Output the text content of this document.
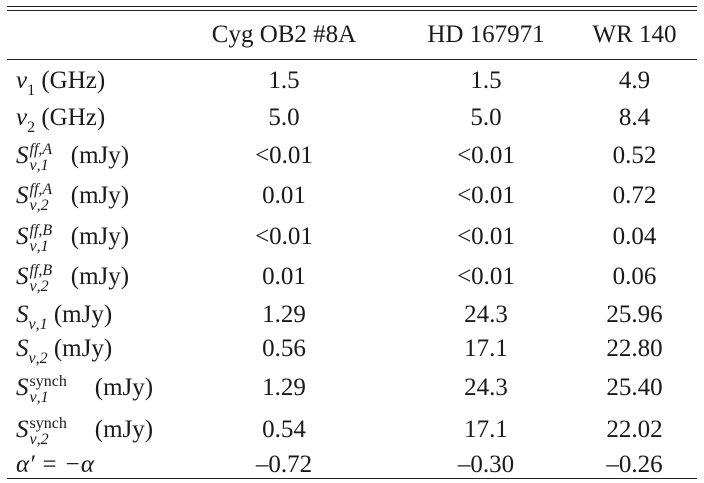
Cyg OB2 #8A	HD 167971	WR 140
$\nu_1$ (GHz)	1.5	1.5	4.9
$\nu_2$ (GHz)	5.0	5.0	8.4
S ff,A
ν,1 (mJy)	<0.01	<0.01	0.52
S ff,A
ν,2 (mJy)	0.01	<0.01	0.72
S ff,B
ν,1 (mJy)	<0.01	<0.01	0.04
S ff,B
ν,2 (mJy)	0.01	<0.01	0.06
$S_{\nu,1}$ (mJy)	1.29	24.3	25.96
$S_{\nu,2}$ (mJy)	0.56	17.1	22.80
S synch
ν,1 (mJy)	1.29	24.3	25.40
S synch
ν,2 (mJy)	0.54	17.1	22.02
α′ = −α	–0.72	–0.30	–0.26
